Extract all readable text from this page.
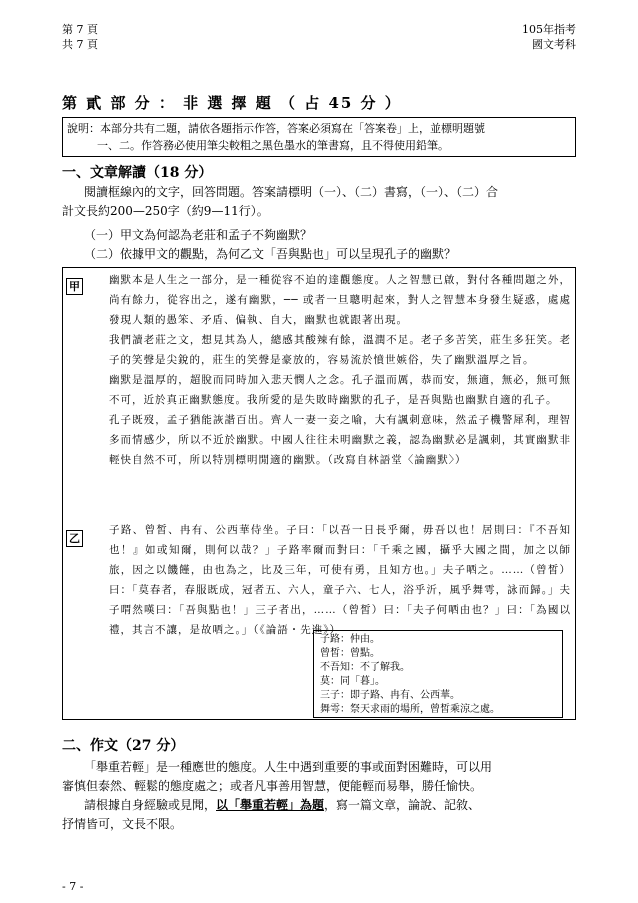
第 7 頁
共 7 頁
105年指考
國文考科
第 貳 部 分 ： 非 選 擇 題 （ 占 45 分 ）
說明：本部分共有二題，請依各題指示作答，答案必須寫在「答案卷」上，並標明題號
一、二。作答務必使用筆尖較粗之黑色墨水的筆書寫，且不得使用鉛筆。
一、文章解讀（18 分）
閱讀框線內的文字，回答問題。答案請標明（一）、（二）書寫，（一）、（二）合
計文長約200—250字（約9—11行）。
（一）甲文為何認為老莊和孟子不夠幽默？
（二）依據甲文的觀點，為何乙文「吾與點也」可以呈現孔子的幽默？
甲	幽默本是人生之一部分，是一種從容不迫的達觀態度。人之智慧已啟，對付各種問題之外，尚有餘力，從容出之，遂有幽默，── 或者一旦聰明起來，對人之智慧本身發生疑惑，處處發現人類的愚笨、矛盾、偏執、自大，幽默也就跟著出現。

我們讀老莊之文，想見其為人，總感其酸辣有餘，溫潤不足。老子多苦笑，莊生多狂笑。老子的笑聲是尖銳的，莊生的笑聲是豪放的，容易流於憤世嫉俗，失了幽默溫厚之旨。

幽默是溫厚的，超脫而同時加入悲天憫人之念。孔子溫而厲，恭而安，無適，無必，無可無不可，近於真正幽默態度。我所愛的是失敗時幽默的孔子，是吾與點也幽默自適的孔子。

孔子既歿，孟子猶能詼諧百出。齊人一妻一妾之喻，大有諷刺意味，然孟子機警犀利，理智多而情感少，所以不近於幽默。中國人往往未明幽默之義，認為幽默必是諷刺，其實幽默非輕快自然不可，所以特別標明閒適的幽默。（改寫自林語堂〈論幽默〉）

乙

子路、曾皙、冉有、公西華侍坐。子曰：「以吾一日長乎爾，毋吾以也！居則曰：『不吾知也！』如或知爾，則何以哉？」子路率爾而對曰：「千乘之國，攝乎大國之間，加之以師旅，因之以饑饉，由也為之，比及三年，可使有勇，且知方也。」夫子哂之。……（曾皙）曰：「莫春者，春服既成，冠者五、六人，童子六、七人，浴乎沂，風乎舞雩，詠而歸。」夫子喟然嘆曰：「吾與點也！」三子者出，……（曾皙）曰：「夫子何哂由也？」曰：「為國以禮，其言不讓，是故哂之。」（《論語・先進》）

子路：仲由。
曾皙：曾點。
不吾知：不了解我。
莫：同「暮」。
三子：即子路、冉有、公西華。
舞雩：祭天求雨的場所，曾皙乘涼之處。
二、作文（27 分）
「舉重若輕」是一種應世的態度。人生中遇到重要的事或面對困難時，可以用
審慎但泰然、輕鬆的態度處之；或者凡事善用智慧，便能輕而易舉，勝任愉快。
請根據自身經驗或見聞，以「舉重若輕」為題，寫一篇文章，論說、記敘、
抒情皆可，文長不限。
- 7 -
